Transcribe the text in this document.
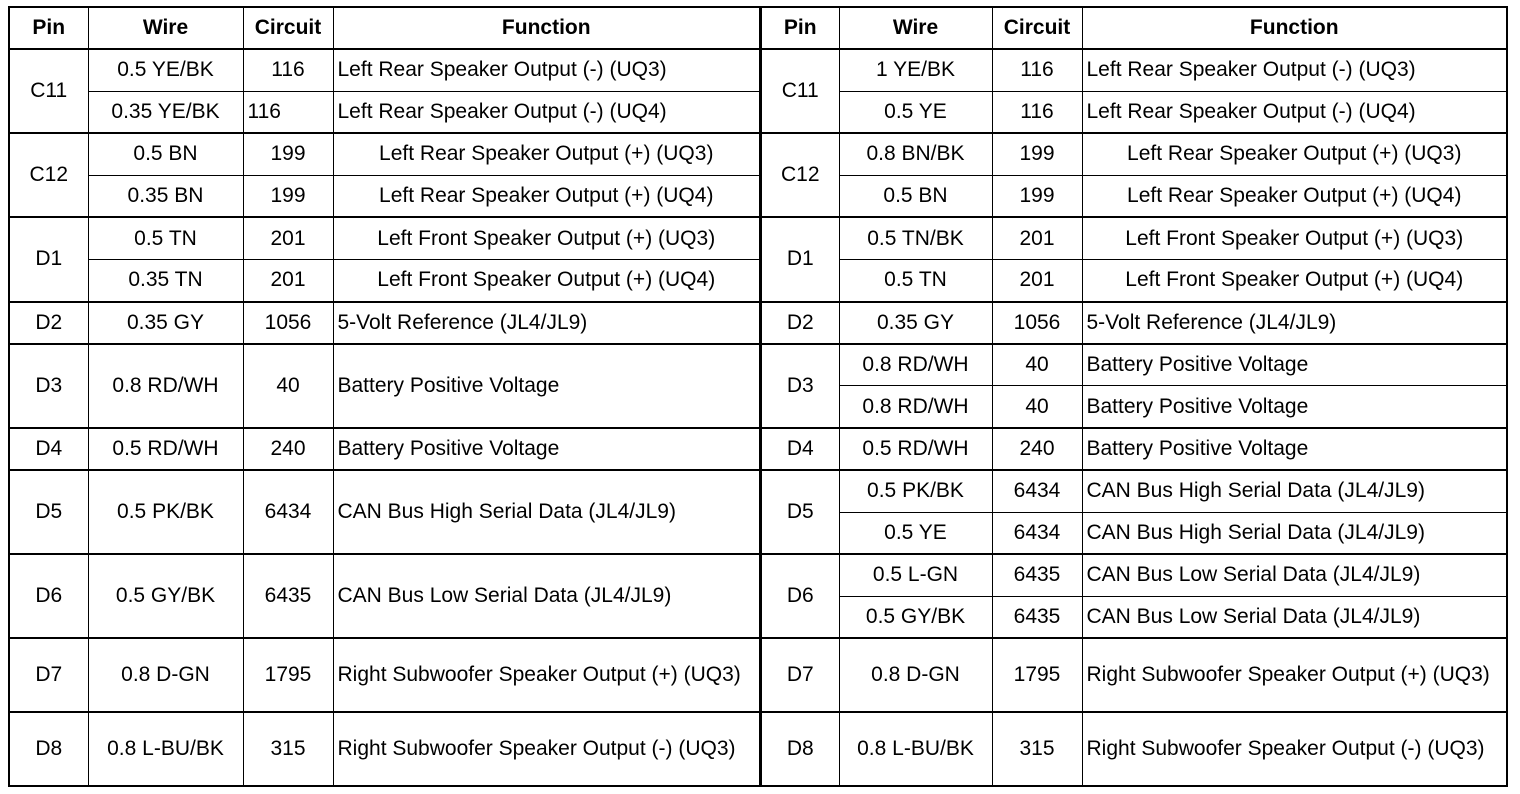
Pin	Wire	Circuit	Function
C11	0.5 YE/BK	116	Left Rear Speaker Output (-) (UQ3)
	0.35 YE/BK	116	Left Rear Speaker Output (-) (UQ4)
C12	0.5 BN	199	Left Rear Speaker Output (+) (UQ3)
	0.35 BN	199	Left Rear Speaker Output (+) (UQ4)
D1	0.5 TN	201	Left Front Speaker Output (+) (UQ3)
	0.35 TN	201	Left Front Speaker Output (+) (UQ4)
D2	0.35 GY	1056	5-Volt Reference (JL4/JL9)
D3	0.8 RD/WH	40	Battery Positive Voltage

D4	0.5 RD/WH	240	Battery Positive Voltage
D5	0.5 PK/BK	6434	CAN Bus High Serial Data (JL4/JL9)

D6	0.5 GY/BK	6435	CAN Bus Low Serial Data (JL4/JL9)

D7	0.8 D-GN	1795	Right Subwoofer Speaker Output (+) (UQ3)
D8	0.8 L-BU/BK	315	Right Subwoofer Speaker Output (-) (UQ3)
Pin	Wire	Circuit	Function
C11	1 YE/BK	116	Left Rear Speaker Output (-) (UQ3)
	0.5 YE	116	Left Rear Speaker Output (-) (UQ4)
C12	0.8 BN/BK	199	Left Rear Speaker Output (+) (UQ3)
	0.5 BN	199	Left Rear Speaker Output (+) (UQ4)
D1	0.5 TN/BK	201	Left Front Speaker Output (+) (UQ3)
	0.5 TN	201	Left Front Speaker Output (+) (UQ4)
D2	0.35 GY	1056	5-Volt Reference (JL4/JL9)
D3	0.8 RD/WH	40	Battery Positive Voltage
	0.8 RD/WH	40	Battery Positive Voltage
D4	0.5 RD/WH	240	Battery Positive Voltage
D5	0.5 PK/BK	6434	CAN Bus High Serial Data (JL4/JL9)
	0.5 YE	6434	CAN Bus High Serial Data (JL4/JL9)
D6	0.5 L-GN	6435	CAN Bus Low Serial Data (JL4/JL9)
	0.5 GY/BK	6435	CAN Bus Low Serial Data (JL4/JL9)
D7	0.8 D-GN	1795	Right Subwoofer Speaker Output (+) (UQ3)
D8	0.8 L-BU/BK	315	Right Subwoofer Speaker Output (-) (UQ3)
